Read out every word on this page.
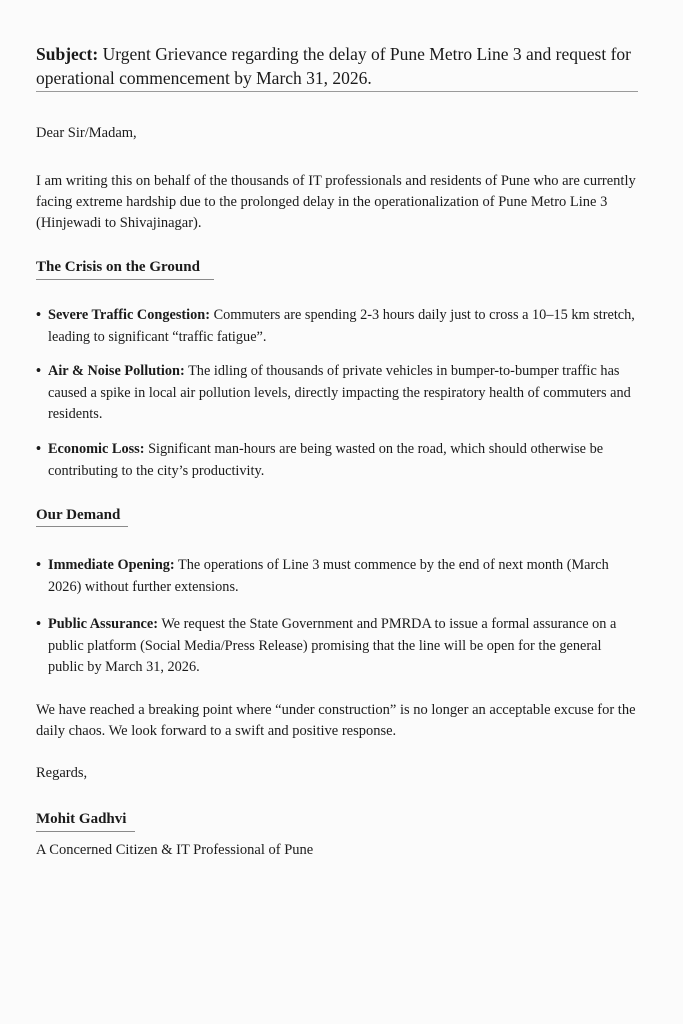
Subject: Urgent Grievance regarding the delay of Pune Metro Line 3 and request for operational commencement by March 31, 2026.
Dear Sir/Madam,
I am writing this on behalf of the thousands of IT professionals and residents of Pune who are currently facing extreme hardship due to the prolonged delay in the operationalization of Pune Metro Line 3 (Hinjewadi to Shivajinagar).
The Crisis on the Ground
• Severe Traffic Congestion: Commuters are spending 2-3 hours daily just to cross a 10–15 km stretch, leading to significant “traffic fatigue”.
• Air & Noise Pollution: The idling of thousands of private vehicles in bumper-to-bumper traffic has caused a spike in local air pollution levels, directly impacting the respiratory health of commuters and residents.
• Economic Loss: Significant man-hours are being wasted on the road, which should otherwise be contributing to the city’s productivity.
Our Demand
• Immediate Opening: The operations of Line 3 must commence by the end of next month (March 2026) without further extensions.
• Public Assurance: We request the State Government and PMRDA to issue a formal assurance on a public platform (Social Media/Press Release) promising that the line will be open for the general public by March 31, 2026.
We have reached a breaking point where “under construction” is no longer an acceptable excuse for the daily chaos. We look forward to a swift and positive response.
Regards,
Mohit Gadhvi
A Concerned Citizen & IT Professional of Pune
